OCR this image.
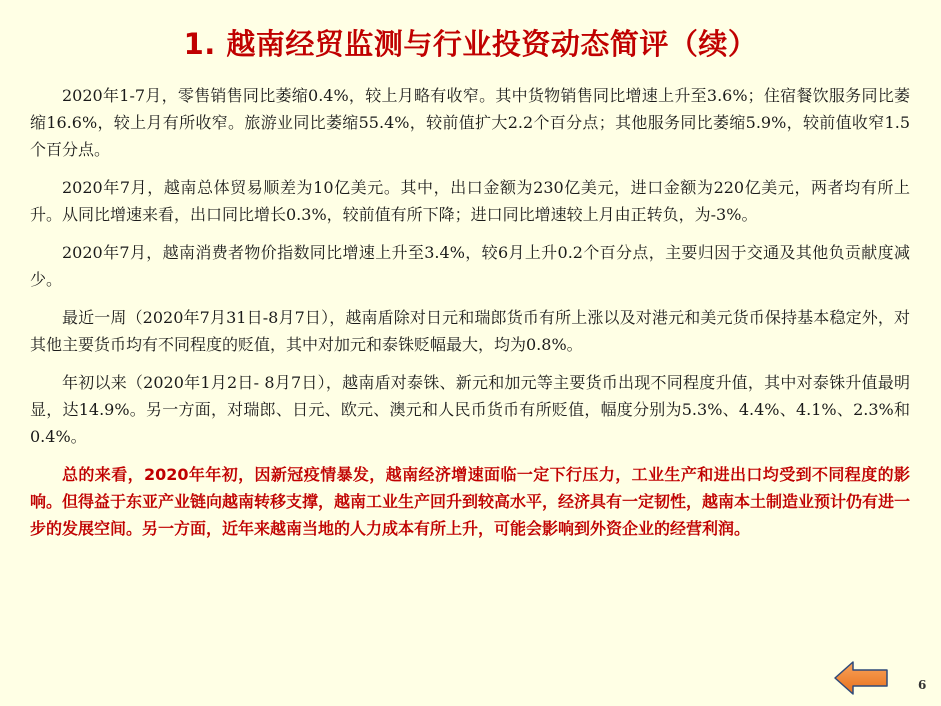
1. 越南经贸监测与行业投资动态简评（续）

2020年1-7月，零售销售同比萎缩0.4%，较上月略有收窄。其中货物销售同比增速上升至3.6%；住宿餐饮服务同比萎缩16.6%，较上月有所收窄。旅游业同比萎缩55.4%，较前值扩大2.2个百分点；其他服务同比萎缩5.9%，较前值收窄1.5个百分点。

2020年7月，越南总体贸易顺差为10亿美元。其中，出口金额为230亿美元，进口金额为220亿美元，两者均有所上升。从同比增速来看，出口同比增长0.3%，较前值有所下降；进口同比增速较上月由正转负，为-3%。

2020年7月，越南消费者物价指数同比增速上升至3.4%，较6月上升0.2个百分点，主要归因于交通及其他负贡献度减少。

最近一周（2020年7月31日-8月7日），越南盾除对日元和瑞郎货币有所上涨以及对港元和美元货币保持基本稳定外，对其他主要货币均有不同程度的贬值，其中对加元和泰铢贬幅最大，均为0.8%。

年初以来（2020年1月2日- 8月7日），越南盾对泰铢、新元和加元等主要货币出现不同程度升值，其中对泰铢升值最明显，达14.9%。另一方面，对瑞郎、日元、欧元、澳元和人民币货币有所贬值，幅度分别为5.3%、4.4%、4.1%、2.3%和0.4%。

总的来看，2020年年初，因新冠疫情暴发，越南经济增速面临一定下行压力，工业生产和进出口均受到不同程度的影响。但得益于东亚产业链向越南转移支撑，越南工业生产回升到较高水平，经济具有一定韧性，越南本土制造业预计仍有进一步的发展空间。另一方面，近年来越南当地的人力成本有所上升，可能会影响到外资企业的经营利润。

6
